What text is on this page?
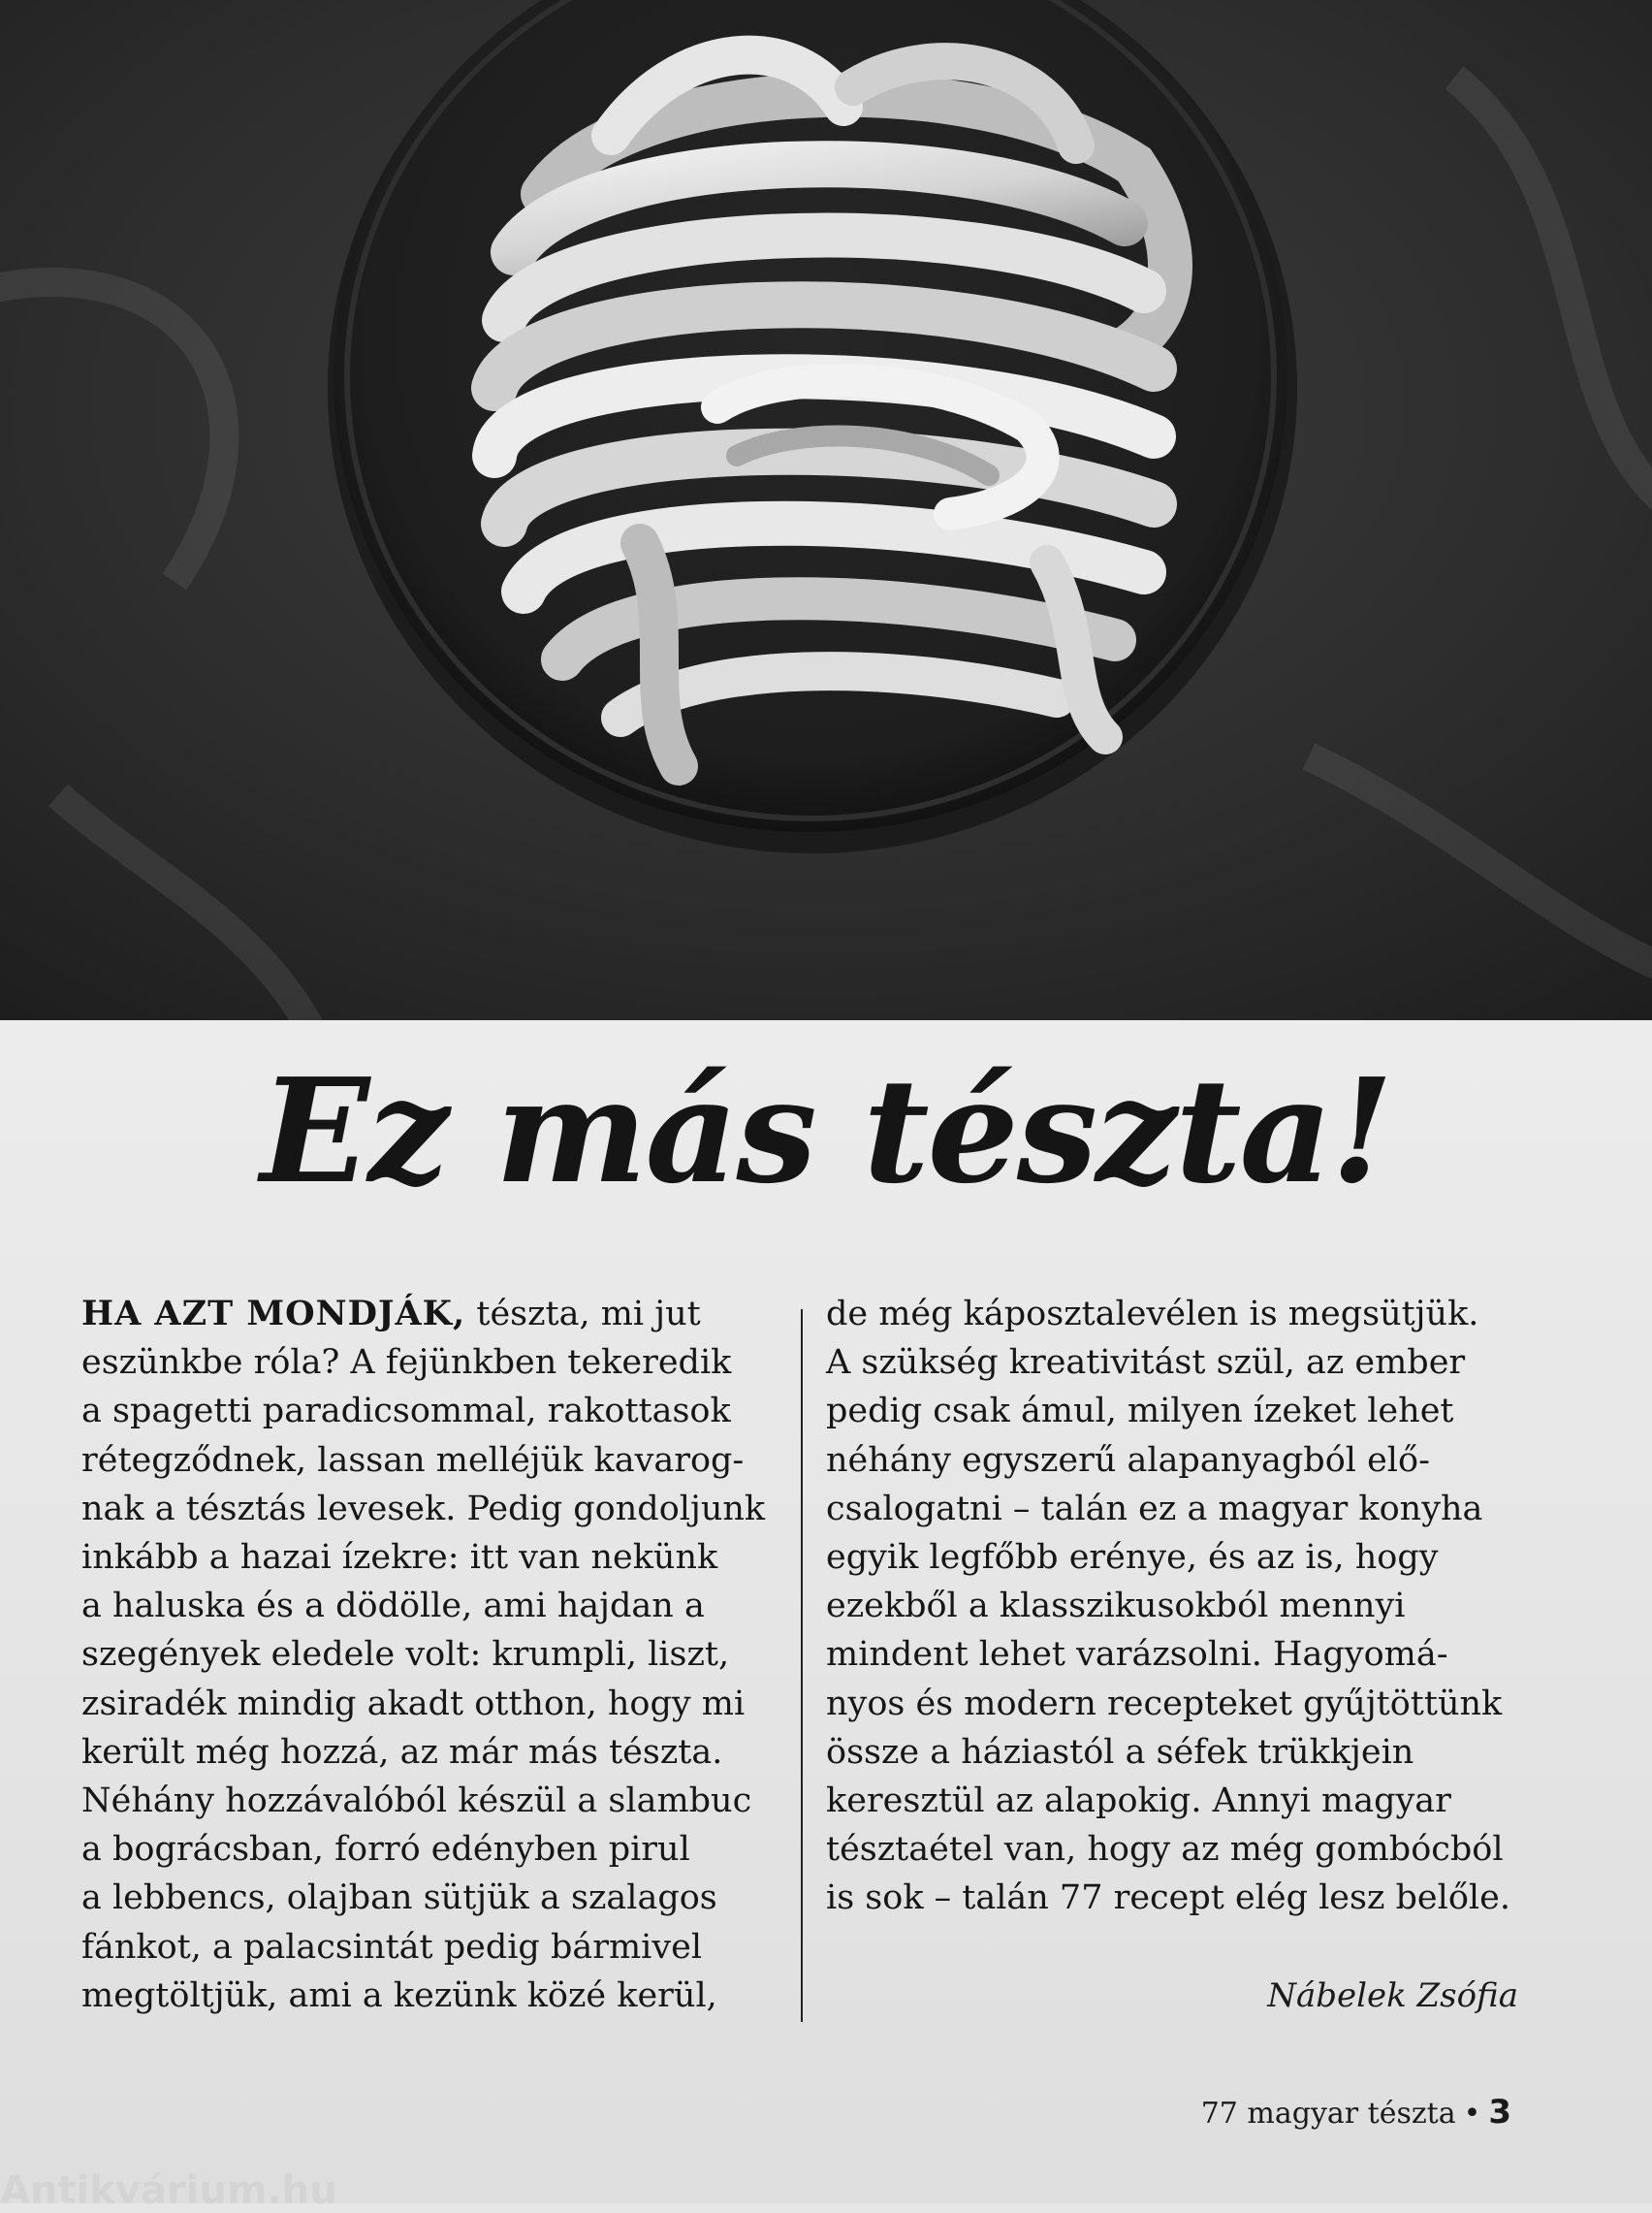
Ez más tészta!
HA AZT MONDJÁK, tészta, mi jut
eszünkbe róla? A fejünkben tekeredik
a spagetti paradicsommal, rakottasok
rétegződnek, lassan melléjük kavarog-
nak a tésztás levesek. Pedig gondoljunk
inkább a hazai ízekre: itt van nekünk
a haluska és a dödölle, ami hajdan a
szegények eledele volt: krumpli, liszt,
zsiradék mindig akadt otthon, hogy mi
került még hozzá, az már más tészta.
Néhány hozzávalóból készül a slambuc
a bográcsban, forró edényben pirul
a lebbencs, olajban sütjük a szalagos
fánkot, a palacsintát pedig bármivel
megtöltjük, ami a kezünk közé kerül,
de még káposztalevélen is megsütjük.
A szükség kreativitást szül, az ember
pedig csak ámul, milyen ízeket lehet
néhány egyszerű alapanyagból elő-
csalogatni – talán ez a magyar konyha
egyik legfőbb erénye, és az is, hogy
ezekből a klasszikusokból mennyi
mindent lehet varázsolni. Hagyomá-
nyos és modern recepteket gyűjtöttünk
össze a háziastól a séfek trükkjein
keresztül az alapokig. Annyi magyar
tésztaétel van, hogy az még gombócból
is sok – talán 77 recept elég lesz belőle.
Nábelek Zsófia
77 magyar tészta • 3
Antikvárium.hu
